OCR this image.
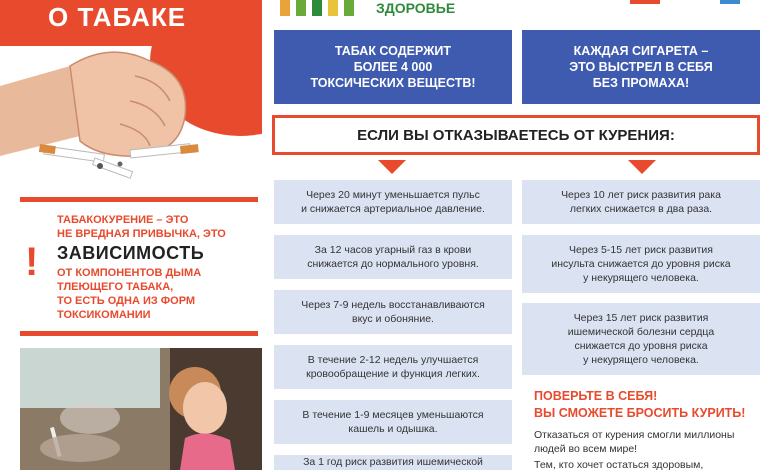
О ТАБАКЕ
!
ТАБАКОКУРЕНИЕ – ЭТО
НЕ ВРЕДНАЯ ПРИВЫЧКА, ЭТО
ЗАВИСИМОСТЬ
ОТ КОМПОНЕНТОВ ДЫМА
ТЛЕЮЩЕГО ТАБАКА,
ТО ЕСТЬ ОДНА ИЗ ФОРМ
ТОКСИКОМАНИИ
ЗДОРОВЬЕ
ТАБАК СОДЕРЖИТ
БОЛЕЕ 4 000
ТОКСИЧЕСКИХ ВЕЩЕСТВ!
КАЖДАЯ СИГАРЕТА –
ЭТО ВЫСТРЕЛ В СЕБЯ
БЕЗ ПРОМАХА!
ЕСЛИ ВЫ ОТКАЗЫВАЕТЕСЬ ОТ КУРЕНИЯ:
Через 20 минут уменьшается пульс
и снижается артериальное давление.
За 12 часов угарный газ в крови
снижается до нормального уровня.
Через 7-9 недель восстанавливаются
вкус и обоняние.
В течение 2-12 недель улучшается
кровообращение и функция легких.
В течение 1-9 месяцев уменьшаются
кашель и одышка.
За 1 год риск развития ишемической
Через 10 лет риск развития рака
легких снижается в два раза.
Через 5-15 лет риск развития
инсульта снижается до уровня риска
у некурящего человека.
Через 15 лет риск развития
ишемической болезни сердца
снижается до уровня риска
у некурящего человека.
ПОВЕРЬТЕ В СЕБЯ!
ВЫ СМОЖЕТЕ БРОСИТЬ КУРИТЬ!
Отказаться от курения смогли миллионы
людей во всем мире!
Тем, кто хочет остаться здоровым,
